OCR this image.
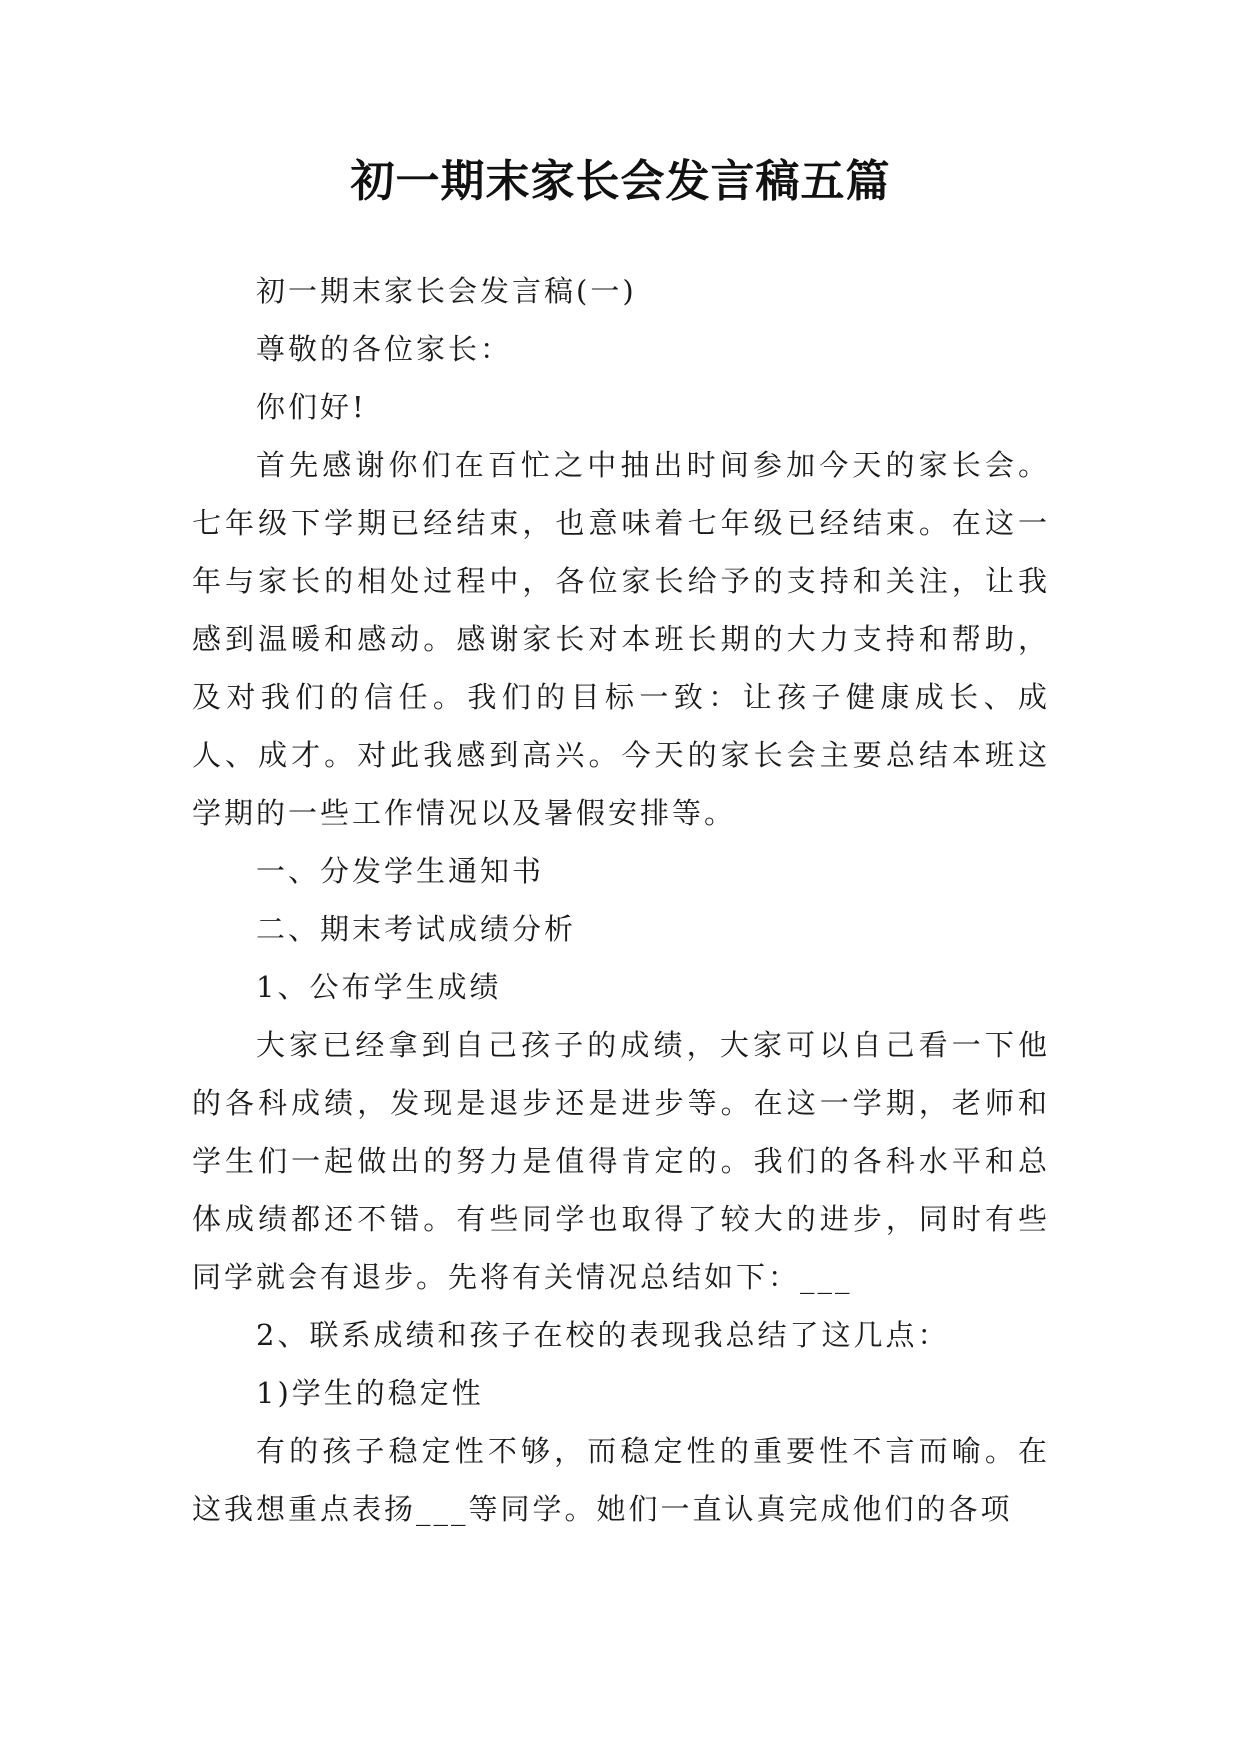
初一期末家长会发言稿五篇

初一期末家长会发言稿(一)

尊敬的各位家长：

你们好!

首先感谢你们在百忙之中抽出时间参加今天的家长会。七年级下学期已经结束，也意味着七年级已经结束。在这一年与家长的相处过程中，各位家长给予的支持和关注，让我感到温暖和感动。感谢家长对本班长期的大力支持和帮助，及对我们的信任。我们的目标一致：让孩子健康成长、成人、成才。对此我感到高兴。今天的家长会主要总结本班这学期的一些工作情况以及暑假安排等。

一、分发学生通知书

二、期末考试成绩分析

1、公布学生成绩

大家已经拿到自己孩子的成绩，大家可以自己看一下他的各科成绩，发现是退步还是进步等。在这一学期，老师和学生们一起做出的努力是值得肯定的。我们的各科水平和总体成绩都还不错。有些同学也取得了较大的进步，同时有些同学就会有退步。先将有关情况总结如下：___

2、联系成绩和孩子在校的表现我总结了这几点：

1)学生的稳定性

有的孩子稳定性不够，而稳定性的重要性不言而喻。在这我想重点表扬___等同学。她们一直认真完成他们的各项
